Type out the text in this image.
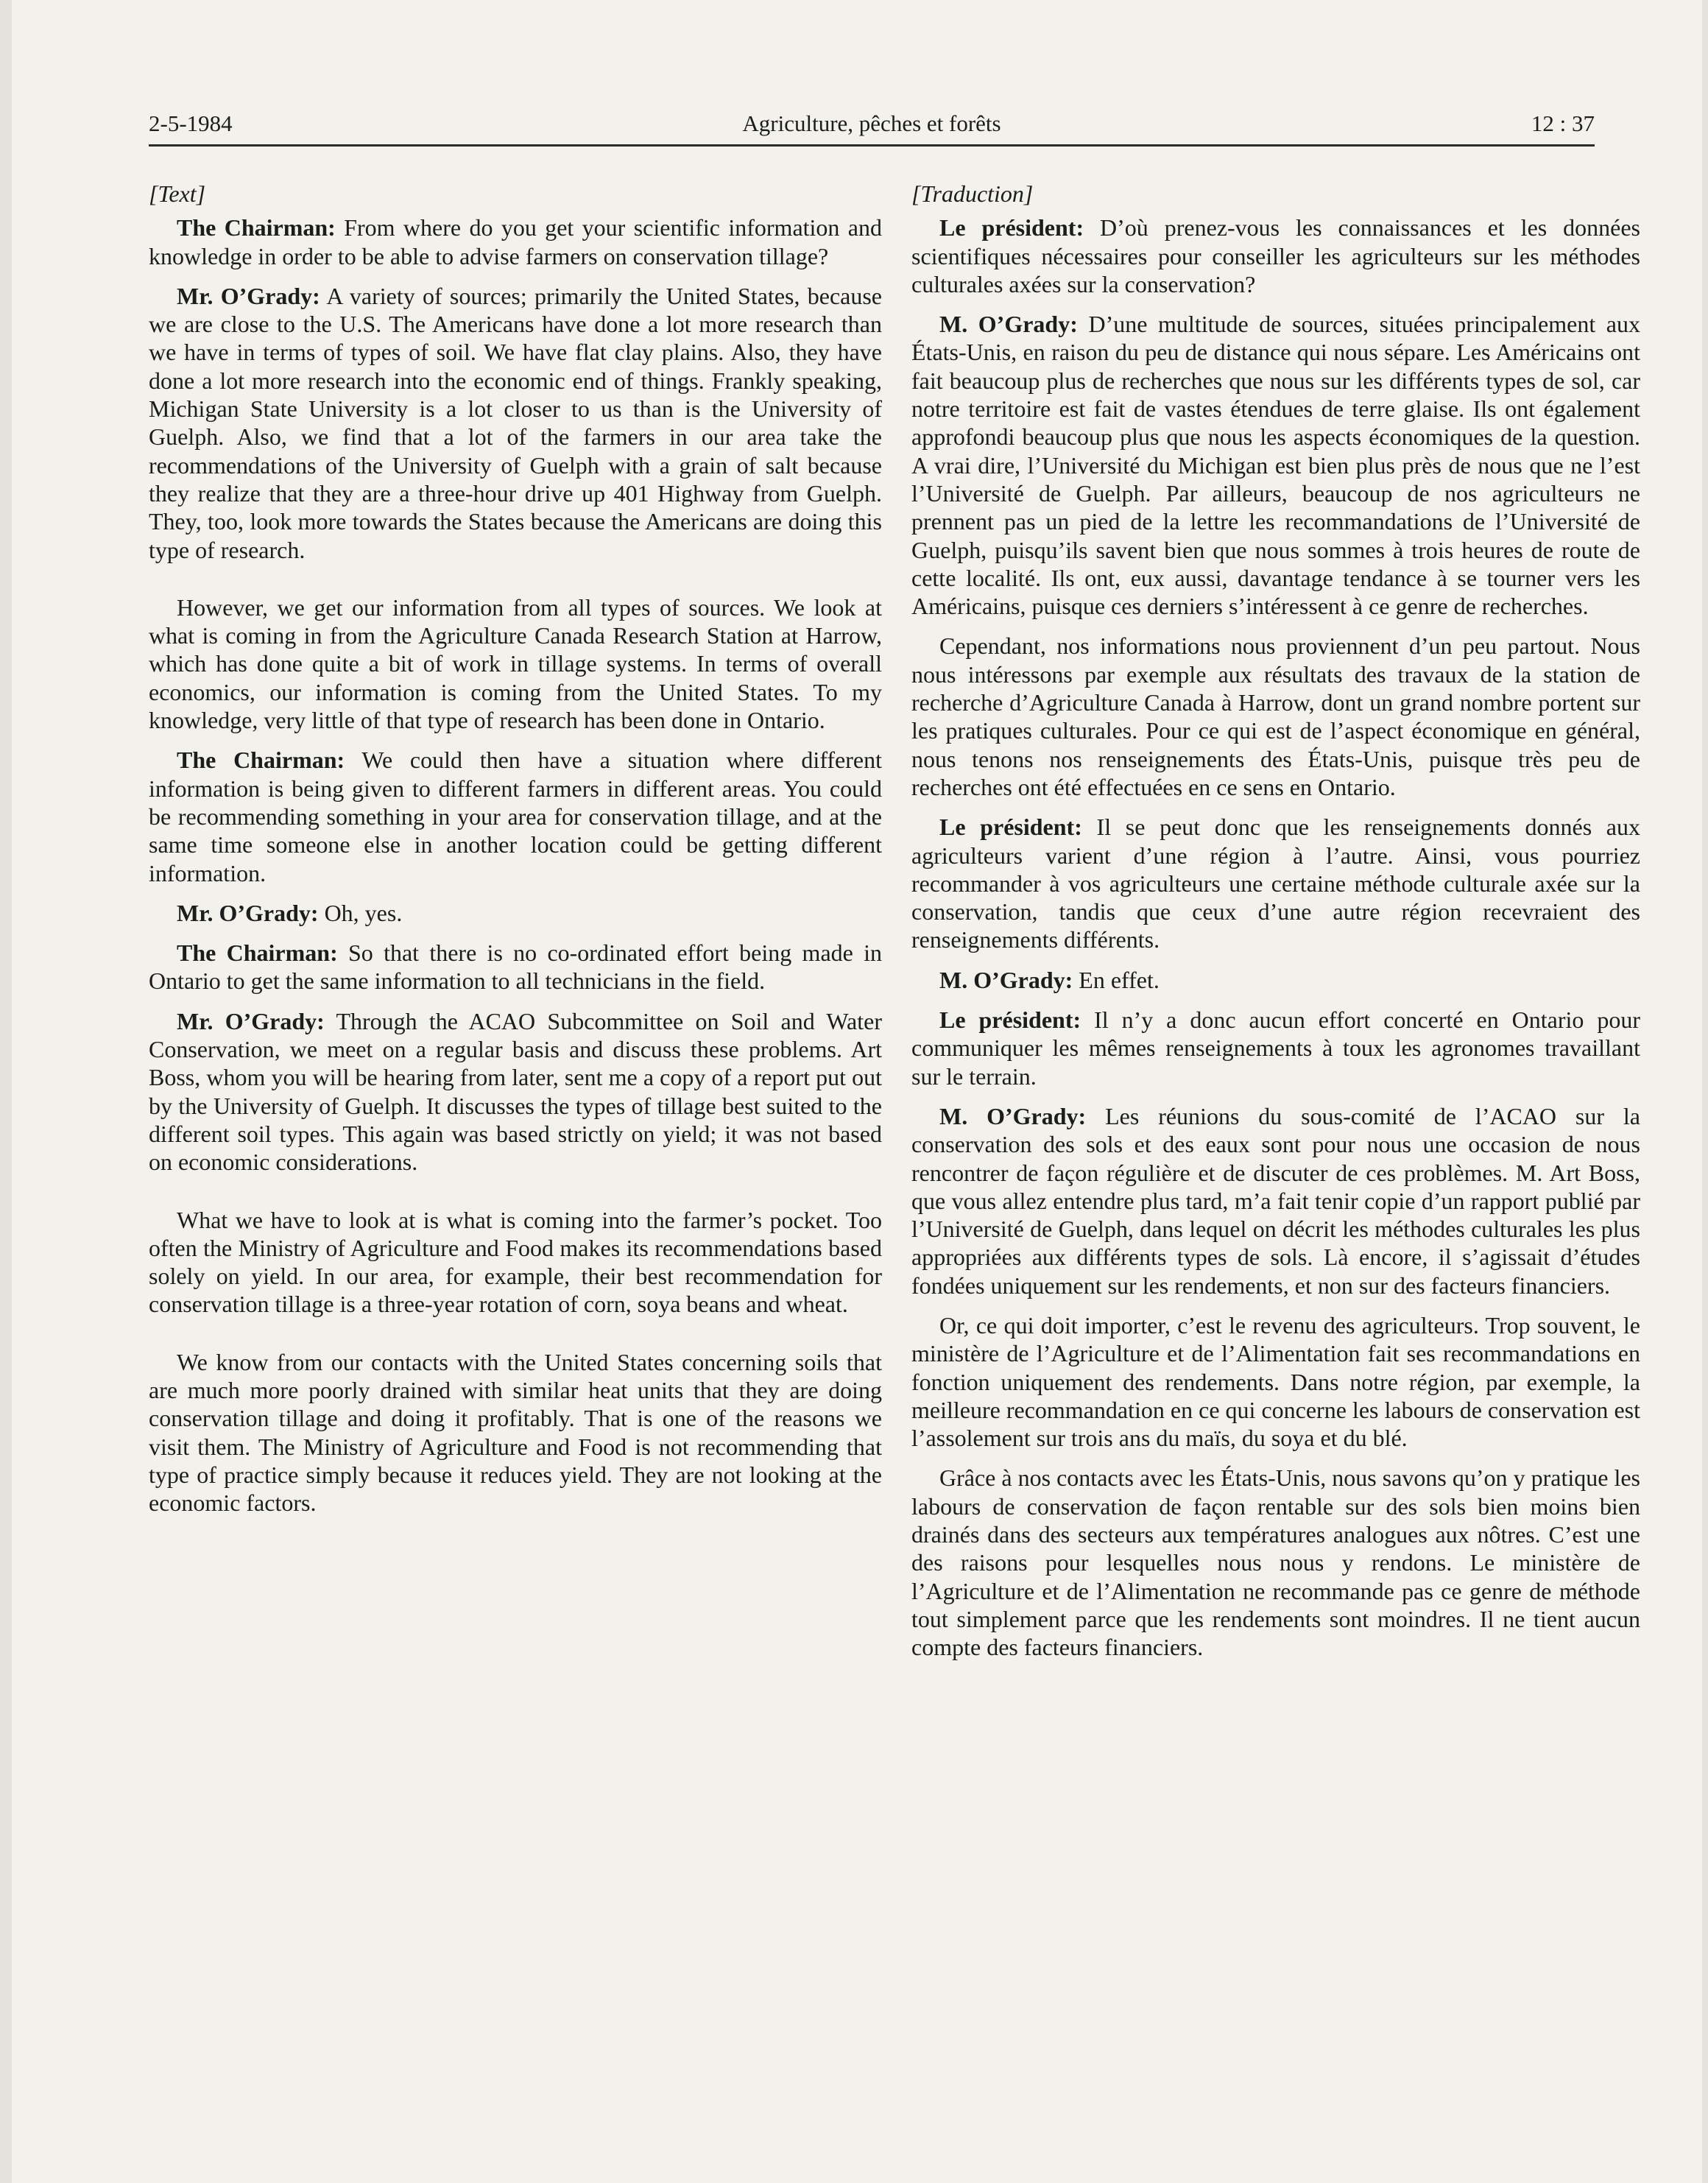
2-5-1984	Agriculture, pêches et forêts	12 : 37

[Text]

The Chairman: From where do you get your scientific information and knowledge in order to be able to advise farmers on conservation tillage?

Mr. O’Grady: A variety of sources; primarily the United States, because we are close to the U.S. The Americans have done a lot more research than we have in terms of types of soil. We have flat clay plains. Also, they have done a lot more research into the economic end of things. Frankly speaking, Michigan State University is a lot closer to us than is the University of Guelph. Also, we find that a lot of the farmers in our area take the recommendations of the University of Guelph with a grain of salt because they realize that they are a three-hour drive up 401 Highway from Guelph. They, too, look more towards the States because the Americans are doing this type of research.

However, we get our information from all types of sources. We look at what is coming in from the Agriculture Canada Research Station at Harrow, which has done quite a bit of work in tillage systems. In terms of overall economics, our information is coming from the United States. To my knowledge, very little of that type of research has been done in Ontario.

The Chairman: We could then have a situation where different information is being given to different farmers in different areas. You could be recommending something in your area for conservation tillage, and at the same time someone else in another location could be getting different information.

Mr. O’Grady: Oh, yes.

The Chairman: So that there is no co-ordinated effort being made in Ontario to get the same information to all technicians in the field.

Mr. O’Grady: Through the ACAO Subcommittee on Soil and Water Conservation, we meet on a regular basis and discuss these problems. Art Boss, whom you will be hearing from later, sent me a copy of a report put out by the University of Guelph. It discusses the types of tillage best suited to the different soil types. This again was based strictly on yield; it was not based on economic considerations.

What we have to look at is what is coming into the farmer’s pocket. Too often the Ministry of Agriculture and Food makes its recommendations based solely on yield. In our area, for example, their best recommendation for conservation tillage is a three-year rotation of corn, soya beans and wheat.

We know from our contacts with the United States concerning soils that are much more poorly drained with similar heat units that they are doing conservation tillage and doing it profitably. That is one of the reasons we visit them. The Ministry of Agriculture and Food is not recommending that type of practice simply because it reduces yield. They are not looking at the economic factors.

[Traduction]

Le président: D’où prenez-vous les connaissances et les données scientifiques nécessaires pour conseiller les agriculteurs sur les méthodes culturales axées sur la conservation?

M. O’Grady: D’une multitude de sources, situées principalement aux États-Unis, en raison du peu de distance qui nous sépare. Les Américains ont fait beaucoup plus de recherches que nous sur les différents types de sol, car notre territoire est fait de vastes étendues de terre glaise. Ils ont également approfondi beaucoup plus que nous les aspects économiques de la question. A vrai dire, l’Université du Michigan est bien plus près de nous que ne l’est l’Université de Guelph. Par ailleurs, beaucoup de nos agriculteurs ne prennent pas un pied de la lettre les recommandations de l’Université de Guelph, puisqu’ils savent bien que nous sommes à trois heures de route de cette localité. Ils ont, eux aussi, davantage tendance à se tourner vers les Américains, puisque ces derniers s’intéressent à ce genre de recherches.

Cependant, nos informations nous proviennent d’un peu partout. Nous nous intéressons par exemple aux résultats des travaux de la station de recherche d’Agriculture Canada à Harrow, dont un grand nombre portent sur les pratiques culturales. Pour ce qui est de l’aspect économique en général, nous tenons nos renseignements des États-Unis, puisque très peu de recherches ont été effectuées en ce sens en Ontario.

Le président: Il se peut donc que les renseignements donnés aux agriculteurs varient d’une région à l’autre. Ainsi, vous pourriez recommander à vos agriculteurs une certaine méthode culturale axée sur la conservation, tandis que ceux d’une autre région recevraient des renseignements différents.

M. O’Grady: En effet.

Le président: Il n’y a donc aucun effort concerté en Ontario pour communiquer les mêmes renseignements à toux les agronomes travaillant sur le terrain.

M. O’Grady: Les réunions du sous-comité de l’ACAO sur la conservation des sols et des eaux sont pour nous une occasion de nous rencontrer de façon régulière et de discuter de ces problèmes. M. Art Boss, que vous allez entendre plus tard, m’a fait tenir copie d’un rapport publié par l’Université de Guelph, dans lequel on décrit les méthodes culturales les plus appropriées aux différents types de sols. Là encore, il s’agissait d’études fondées uniquement sur les rendements, et non sur des facteurs financiers.

Or, ce qui doit importer, c’est le revenu des agriculteurs. Trop souvent, le ministère de l’Agriculture et de l’Alimentation fait ses recommandations en fonction uniquement des rendements. Dans notre région, par exemple, la meilleure recommandation en ce qui concerne les labours de conservation est l’assolement sur trois ans du maïs, du soya et du blé.

Grâce à nos contacts avec les États-Unis, nous savons qu’on y pratique les labours de conservation de façon rentable sur des sols bien moins bien drainés dans des secteurs aux températures analogues aux nôtres. C’est une des raisons pour lesquelles nous nous y rendons. Le ministère de l’Agriculture et de l’Alimentation ne recommande pas ce genre de méthode tout simplement parce que les rendements sont moindres. Il ne tient aucun compte des facteurs financiers.
